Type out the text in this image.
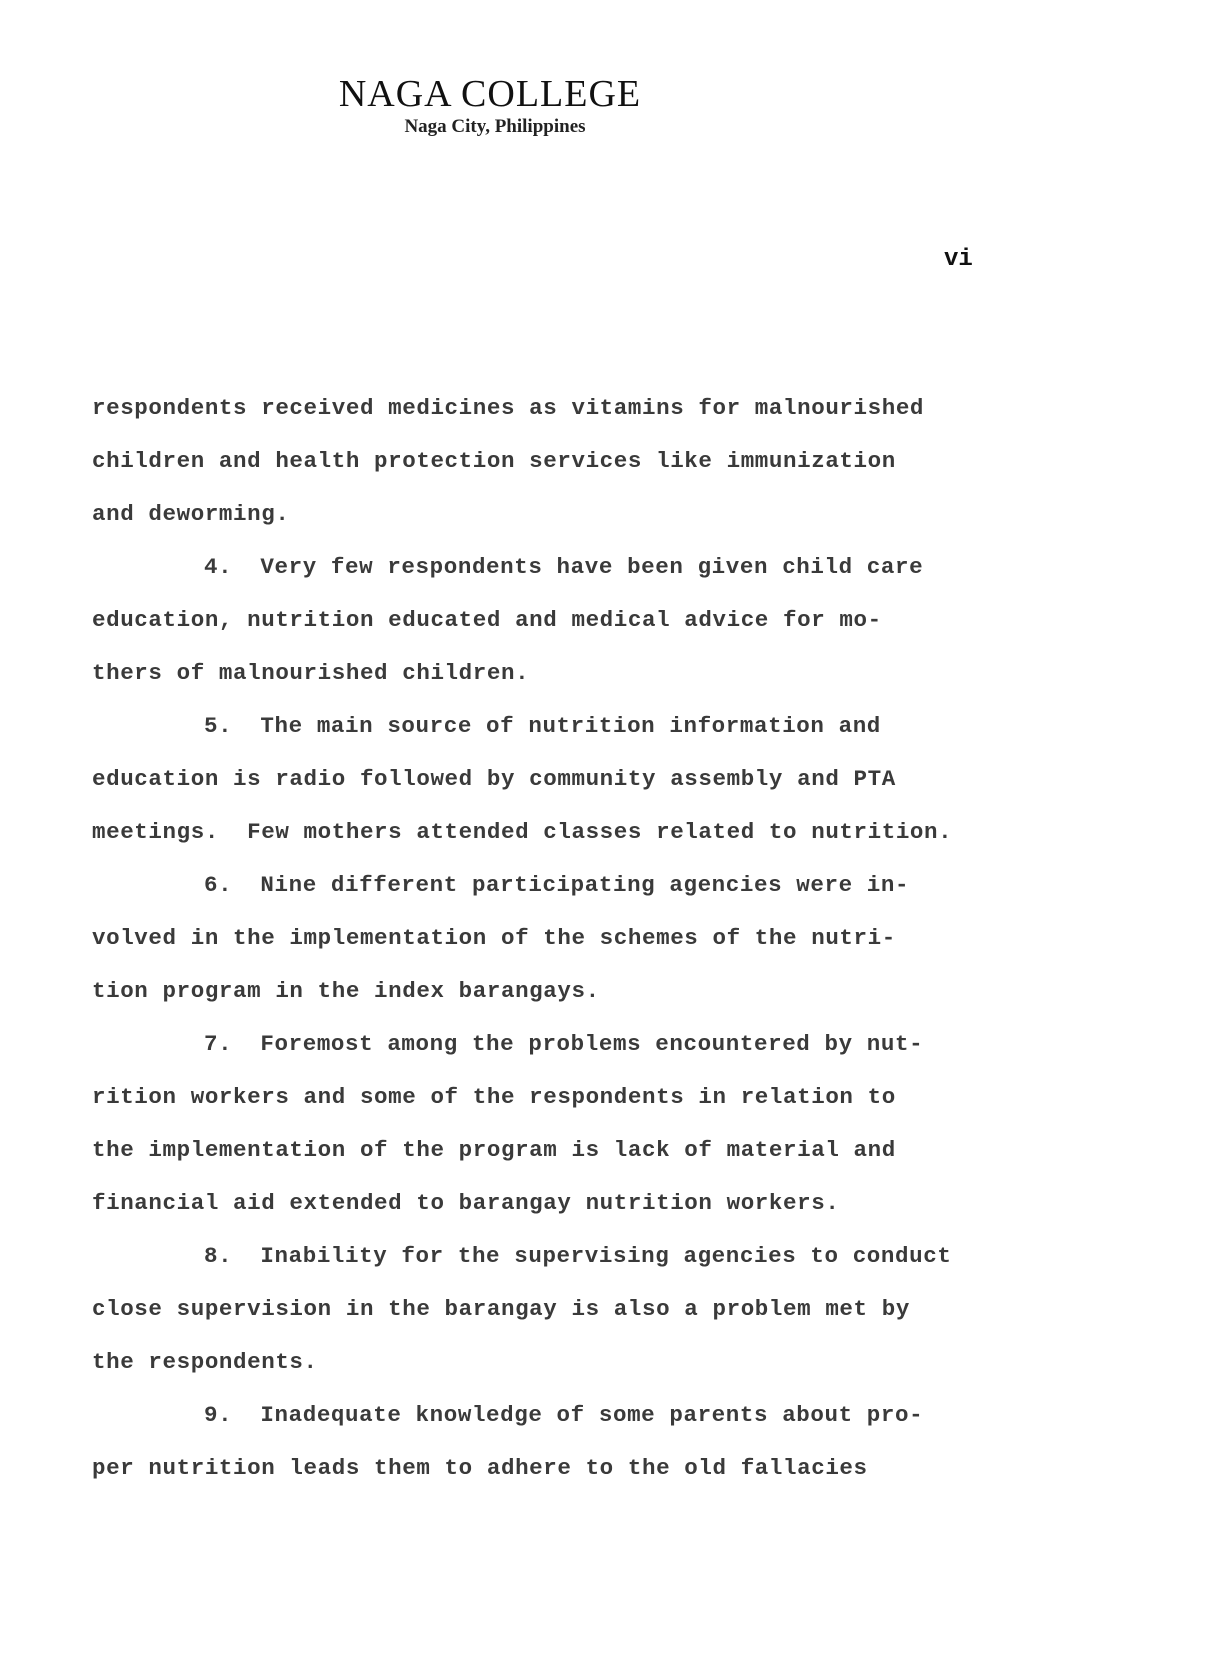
NAGA COLLEGE
Naga City, Philippines
vi
respondents received medicines as vitamins for malnourished
children and health protection services like immunization
and deworming.
4.  Very few respondents have been given child care
education, nutrition educated and medical advice for mo-
thers of malnourished children.
5.  The main source of nutrition information and
education is radio followed by community assembly and PTA
meetings.  Few mothers attended classes related to nutrition.
6.  Nine different participating agencies were in-
volved in the implementation of the schemes of the nutri-
tion program in the index barangays.
7.  Foremost among the problems encountered by nut-
rition workers and some of the respondents in relation to
the implementation of the program is lack of material and
financial aid extended to barangay nutrition workers.
8.  Inability for the supervising agencies to conduct
close supervision in the barangay is also a problem met by
the respondents.
9.  Inadequate knowledge of some parents about pro-
per nutrition leads them to adhere to the old fallacies
